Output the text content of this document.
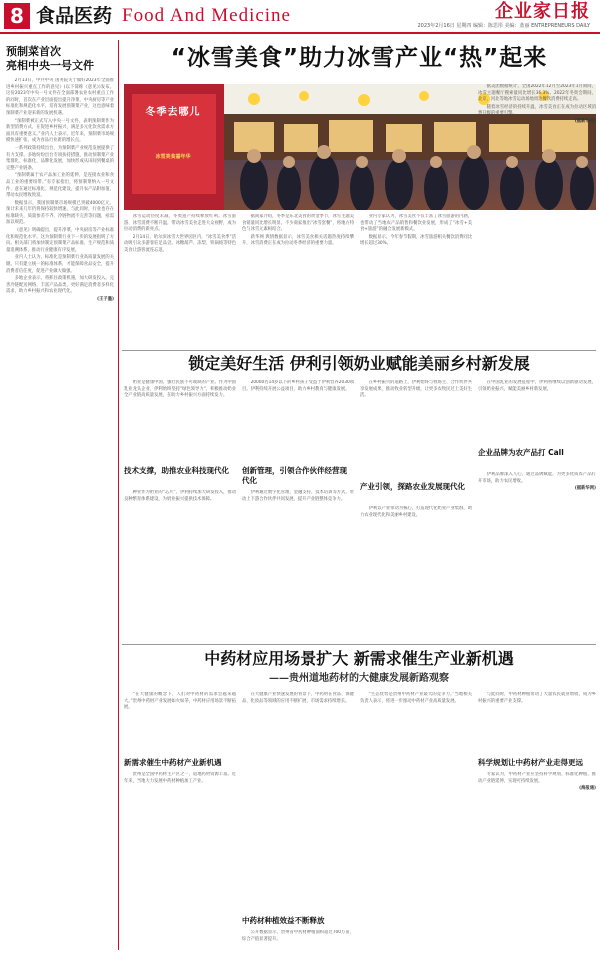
8 食品医药 Food And Medicine	企业家日报
2023年2月16日 星期四 编辑：陈思彤 美编：蓝丽 ENTREPRENEURS DAILY
预制菜首次
亮相中央一号文件

2月13日，中共中央 国务院关于做好2023年全面推进乡村振兴重点工作的意见》(以下简称《意见》)发布。这份2023年中央一号文件在全面部署农业农村重点工作的同时，首次在产业层面提出提升净菜、中央厨房等产业标准化和规范化水平，培育发展预制菜产业，这也意味着预制菜产业迎来新的发展机遇。

“预制菜被正式写入中央一号文件，表明预制菜作为新型消费方式，在促进乡村振兴、满足多元化饮食需求方面具有重要意义。”业内人士表示，近年来，预制菜市场规模快速扩张，成为食品行业新的增长点。

一系列政策持续出台，为预制菜产业规范发展提供了有力支撑。多地纷纷出台专项扶持措施，推动预制菜产业集群化、标准化、品牌化发展，加快形成从田间到餐桌的完整产业链条。

“预制菜属于农产品加工业的延伸，是连接农业和食品工业的重要纽带。”有专家指出，将预制菜纳入一号文件，意在通过标准化、规范化建设，提升农产品附加值，带动农民增收致富。

数据显示，我国预制菜市场规模已突破4000亿元，预计未来几年仍将保持较快增速。与此同时，行业也存在标准缺失、质量参差不齐、冷链物流不完善等问题，亟需加以规范。

《意见》明确提出，提升净菜、中央厨房等产业标准化和规范化水平。这为预制菜行业下一步的发展指明了方向。相关部门将加快制定预制菜产品标准、生产规范和质量追溯体系，推动行业健康有序发展。

业内人士认为，标准化是预制菜行业高质量发展的关键。只有建立统一的标准体系，才能保障食品安全，提升消费者信任度，促进产业做大做强。

多地企业表示，将抓住政策机遇，加大研发投入，完善冷链配送网络，丰富产品品类，更好满足消费者多样化需求，助力乡村振兴和农业现代化。

(王子墨)

“冰雪美食”助力冰雪产业“热”起来
冬季去哪儿
冰雪美食嘉年华

冰雪运动热度未减，冬奥遗产持续释放红利。冰雪旅游、冰雪消费不断升温，带动冰雪美食走进大众视野，成为拉动消费的新亮点。

2月14日，哈尔滨冰雪大世界园区内，“冰雪美食季”活动吸引众多游客驻足品尝。冰糖葫芦、冻梨、铁锅炖等特色美食让游客流连忘返。

据商家介绍，冬季是东北美食的黄金季节，冰雪主题美食销量同比增长明显。不少商家推出“冰雪套餐”，将地方特色与冰雪元素相结合。

新华网 舆情数据显示，冰雪美食相关话题热度持续攀升，冰雪消费正在成为拉动冬季经济的重要力量。

业内专家认为，冰雪美食不仅丰富了冰雪旅游的内涵，也带动了当地农产品销售和餐饮业发展，形成了“冰雪+美食+旅游”的融合发展新模式。

数据显示，今年春节假期，冰雪旅游相关餐饮消费同比增长超过30%。

据美团数据统计，全国2022年12月至2023年1月期间，冰雪主题餐厅搜索量同比增长36.3%。2022年冬奥会期间，北京、河北等地冰雪运动场地周边餐饮消费持续走高。

随着冰雪经济的持续升温，冰雪美食正在成为拉动区域消费升级的重要引擎。

(据新华网)

锁定美好生活 伊利引领奶业赋能美丽乡村新发展

奶业是健康中国、强壮民族不可或缺的产业。作为中国乳业龙头企业，伊利始终坚持“绿色领导力”，积极推动奶业全产业链高质量发展，在助力乡村振兴方面持续发力。

技术支撑，助推农业科技现代化

种业作为奶业的“芯片”，伊利持续加大研发投入，推动良种繁育体系建设，为奶业振兴提供技术保障。

20000名14岁以下的乡村孩子受益于伊利营养2030项目。伊利持续开展公益项目，助力乡村教育与健康发展。

创新管理，引领合作伙伴经营现代化

伊利通过数字化管理、金融支持、技术培训等方式，带动上下游合作伙伴共同发展，提升产业链整体竞争力。

在乡村振兴的道路上，伊利始终与牧场主、合作伙伴共享发展成果，推动牧业转型升级，让更多农牧民过上美好生活。

产业引领，探路农业发展现代化

伊利以产业带动为核心，打造现代化奶业产业集群，助力农业现代化和美丽乡村建设。

在中国乳业的发展征程中，伊利将继续以创新驱动发展，引领奶业振兴，赋能美丽乡村新发展。

企业品牌为农产品打 Call

伊利品牌深入人心，通过品牌赋能，为更多优质农产品打开市场，助力农民增收。

(据新华网)

中药材应用场景扩大 新需求催生产业新机遇
——贵州道地药材的大健康发展新路观察

“在大健康的概念下，人们对中药材的需求会越来越大。”贵州中药材产业发展如火如荼，中药材应用场景不断拓展。

新需求催生中药材产业新机遇

贵州是全国中药材主产区之一，道地药材资源丰富。近年来，当地大力发展中药材种植加工产业。

在大健康产业快速发展的背景下，中药材在食品、保健品、化妆品等领域的应用不断扩展，市场需求持续增长。

中药材种植效益不断释放

公开数据显示，贵州省中药材种植面积超过700万亩，综合产值显著提升。

“生态优势是贵州中药材产业最大的竞争力。”当地相关负责人表示，将进一步推动中药材产业高质量发展。

与此同时，中药材种植带动了大量农民就业增收，成为乡村振兴的重要产业支撑。

科学规划让中药材产业走得更远

专家认为，中药材产业应坚持科学规划、标准化种植，推动产业链延伸，实现可持续发展。

(海报通)
